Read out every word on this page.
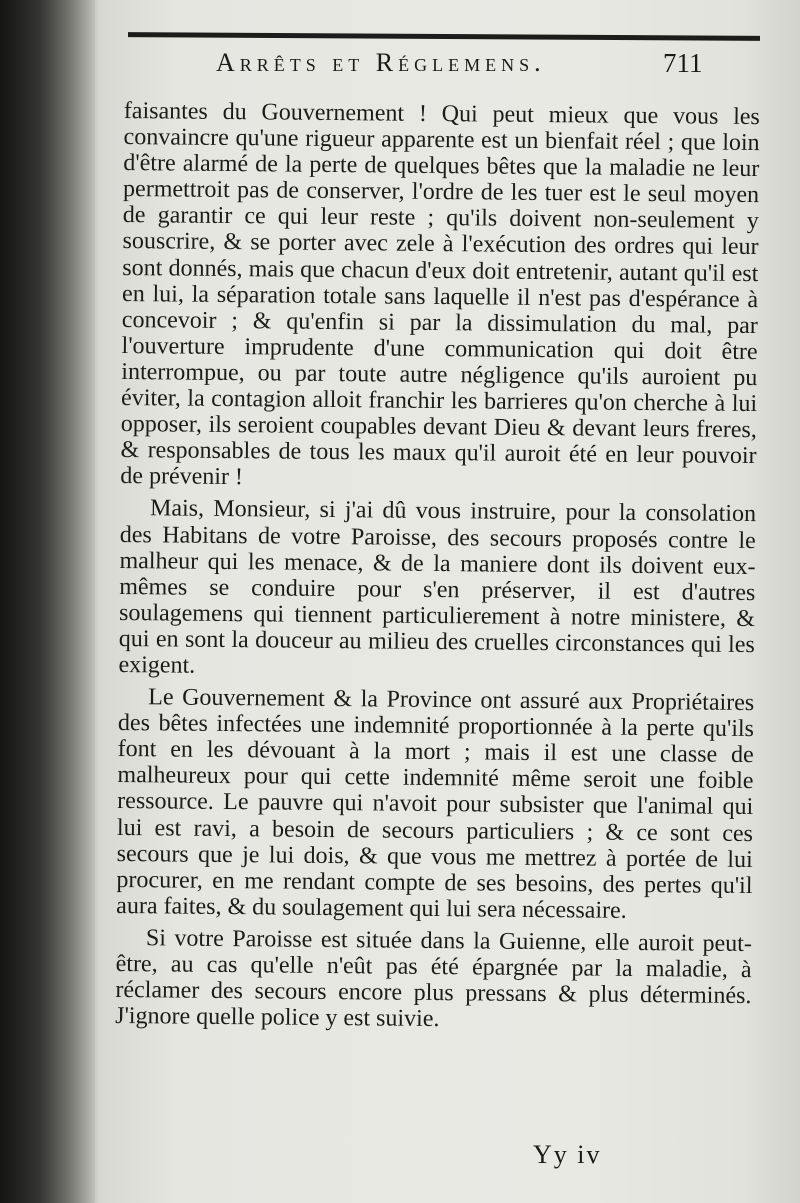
Arrêts et Réglemens.	711

faisantes du Gouvernement ! Qui peut mieux que vous les convaincre qu'une rigueur apparente est un bienfait réel ; que loin d'être alarmé de la perte de quelques bêtes que la maladie ne leur permettroit pas de conserver, l'ordre de les tuer est le seul moyen de garantir ce qui leur reste ; qu'ils doivent non-seulement y souscrire, & se porter avec zele à l'exécution des ordres qui leur sont donnés, mais que chacun d'eux doit entretenir, autant qu'il est en lui, la séparation totale sans laquelle il n'est pas d'espérance à concevoir ; & qu'enfin si par la dissimulation du mal, par l'ouverture imprudente d'une communication qui doit être interrompue, ou par toute autre négligence qu'ils auroient pu éviter, la contagion alloit franchir les barrieres qu'on cherche à lui opposer, ils seroient coupables devant Dieu & devant leurs freres, & responsables de tous les maux qu'il auroit été en leur pouvoir de prévenir !

Mais, Monsieur, si j'ai dû vous instruire, pour la consolation des Habitans de votre Paroisse, des secours proposés contre le malheur qui les menace, & de la maniere dont ils doivent eux-mêmes se conduire pour s'en préserver, il est d'autres soulagemens qui tiennent particulierement à notre ministere, & qui en sont la douceur au milieu des cruelles circonstances qui les exigent.

Le Gouvernement & la Province ont assuré aux Propriétaires des bêtes infectées une indemnité proportionnée à la perte qu'ils font en les dévouant à la mort ; mais il est une classe de malheureux pour qui cette indemnité même seroit une foible ressource. Le pauvre qui n'avoit pour subsister que l'animal qui lui est ravi, a besoin de secours particuliers ; & ce sont ces secours que je lui dois, & que vous me mettrez à portée de lui procurer, en me rendant compte de ses besoins, des pertes qu'il aura faites, & du soulagement qui lui sera nécessaire.

Si votre Paroisse est située dans la Guienne, elle auroit peut-être, au cas qu'elle n'eût pas été épargnée par la maladie, à réclamer des secours encore plus pressans & plus déterminés. J'ignore quelle police y est suivie.

Yy iv
